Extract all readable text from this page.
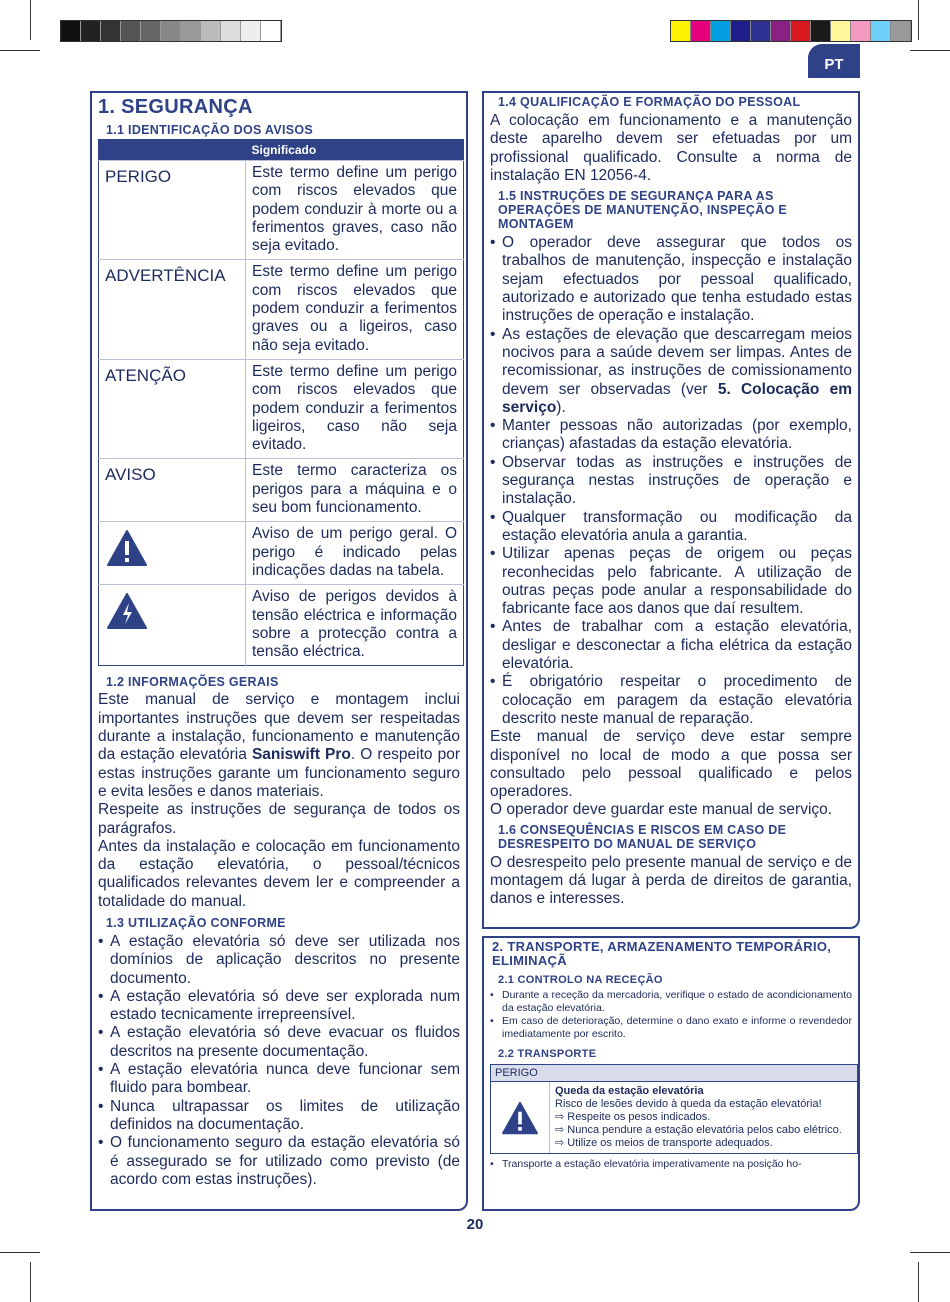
PT
1. SEGURANÇA

1.1 IDENTIFICAÇÃO DOS AVISOS

	Significado
PERIGO	Este termo define um perigo com riscos elevados que podem conduzir à morte ou a ferimentos graves, caso não seja evitado.
ADVERTÊNCIA	Este termo define um perigo com riscos elevados que podem conduzir a ferimentos graves ou a ligeiros, caso não seja evitado.
ATENÇÃO	Este termo define um perigo com riscos elevados que podem conduzir a ferimentos ligeiros, caso não seja evitado.
AVISO	Este termo caracteriza os perigos para a máquina e o seu bom funcionamento.
	Aviso de um perigo geral. O perigo é indicado pelas indicações dadas na tabela.
	Aviso de perigos devidos à tensão eléctrica e informação sobre a protecção contra a tensão eléctrica.

1.2 INFORMAÇÕES GERAIS

Este manual de serviço e montagem inclui importantes instruções que devem ser respeitadas durante a instalação, funcionamento e manutenção da estação elevatória Saniswift Pro. O respeito por estas instruções garante um funcionamento seguro e evita lesões e danos materiais.

Respeite as instruções de segurança de todos os parágrafos.

Antes da instalação e colocação em funcionamento da estação elevatória, o pessoal/técnicos qualificados relevantes devem ler e compreender a totalidade do manual.

1.3 UTILIZAÇÃO CONFORME

• A estação elevatória só deve ser utilizada nos domínios de aplicação descritos no presente documento.
• A estação elevatória só deve ser explorada num estado tecnicamente irrepreensível.
• A estação elevatória só deve evacuar os fluidos descritos na presente documentação.
• A estação elevatória nunca deve funcionar sem fluido para bombear.
• Nunca ultrapassar os limites de utilização definidos na documentação.
• O funcionamento seguro da estação elevatória só é assegurado se for utilizado como previsto (de acordo com estas instruções).

1.4 QUALIFICAÇÃO E FORMAÇÃO DO PESSOAL

A colocação em funcionamento e a manutenção deste aparelho devem ser efetuadas por um profissional qualificado. Consulte a norma de instalação EN 12056-4.

1.5 INSTRUÇÕES DE SEGURANÇA PARA AS OPERAÇÕES DE MANUTENÇÃO, INSPEÇÃO E MONTAGEM

• O operador deve assegurar que todos os trabalhos de manutenção, inspecção e instalação sejam efectuados por pessoal qualificado, autorizado e autorizado que tenha estudado estas instruções de operação e instalação.
• As estações de elevação que descarregam meios nocivos para a saúde devem ser limpas. Antes de recomissionar, as instruções de comissionamento devem ser observadas (ver 5. Colocação em serviço).
• Manter pessoas não autorizadas (por exemplo, crianças) afastadas da estação elevatória.
• Observar todas as instruções e instruções de segurança nestas instruções de operação e instalação.
• Qualquer transformação ou modificação da estação elevatória anula a garantia.
• Utilizar apenas peças de origem ou peças reconhecidas pelo fabricante. A utilização de outras peças pode anular a responsabilidade do fabricante face aos danos que daí resultem.
• Antes de trabalhar com a estação elevatória, desligar e desconectar a ficha elétrica da estação elevatória.
• É obrigatório respeitar o procedimento de colocação em paragem da estação elevatória descrito neste manual de reparação.

Este manual de serviço deve estar sempre disponível no local de modo a que possa ser consultado pelo pessoal qualificado e pelos operadores.

O operador deve guardar este manual de serviço.

1.6 CONSEQUÊNCIAS E RISCOS EM CASO DE DESRESPEITO DO MANUAL DE SERVIÇO

O desrespeito pelo presente manual de serviço e de montagem dá lugar à perda de direitos de garantia, danos e interesses.

2. TRANSPORTE, ARMAZENAMENTO TEMPORÁRIO, ELIMINAÇÃ

2.1 CONTROLO NA RECEÇÃO

• Durante a receção da mercadoria, verifique o estado de acondicionamento da estação elevatória.
• Em caso de deterioração, determine o dano exato e informe o revendedor imediatamente por escrito.

2.2 TRANSPORTE

PERIGO
Queda da estação elevatória
Risco de lesões devido à queda da estação elevatória!
⇨ Respeite os pesos indicados.
⇨ Nunca pendure a estação elevatória pelos cabo elétrico.
⇨ Utilize os meios de transporte adequados.
• Transporte a estação elevatória imperativamente na posição ho-
20
